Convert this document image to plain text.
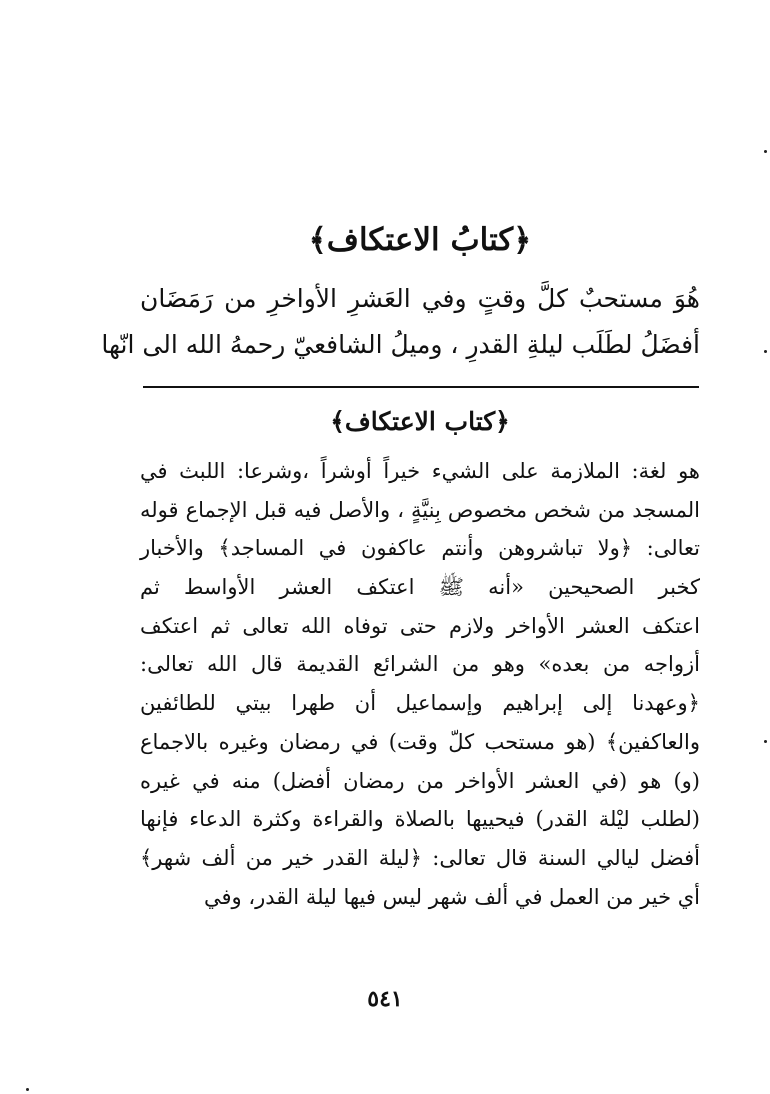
﴿كتابُ الاعتكاف﴾
هُوَ مستحبٌ كلَّ وقتٍ وفي العَشرِ الأواخرِ من رَمَضَان
أفضَلُ لطَلَب ليلةِ القدرِ ، وميلُ الشافعيّ رحمهُ الله الى انّها
﴿كتاب الاعتكاف﴾
هو لغة: الملازمة على الشيء خيراً أوشراً ،وشرعا: اللبث في
المسجد من شخص مخصوص بِنيَّةٍ ، والأصل فيه قبل الإجماع قوله
تعالى: ﴿ولا تباشروهن وأنتم عاكفون في المساجد﴾ والأخبار
كخبر الصحيحين «أنه ﷺ اعتكف العشر الأواسط ثم
اعتكف العشر الأواخر ولازم حتى توفاه الله تعالى ثم اعتكف
أزواجه من بعده» وهو من الشرائع القديمة قال الله تعالى:
﴿وعهدنا إلى إبراهيم وإسماعيل أن طهرا بيتي للطائفين
والعاكفين﴾ (هو مستحب كلّ وقت) في رمضان وغيره بالاجماع
(و) هو (في العشر الأواخر من رمضان أفضل) منه في غيره
(لطلب ليْلة القدر) فيحييها بالصلاة والقراءة وكثرة الدعاء فإنها
أفضل ليالي السنة قال تعالى: ﴿ليلة القدر خير من ألف شهر﴾
أي خير من العمل في ألف شهر ليس فيها ليلة القدر، وفي
٥٤١
